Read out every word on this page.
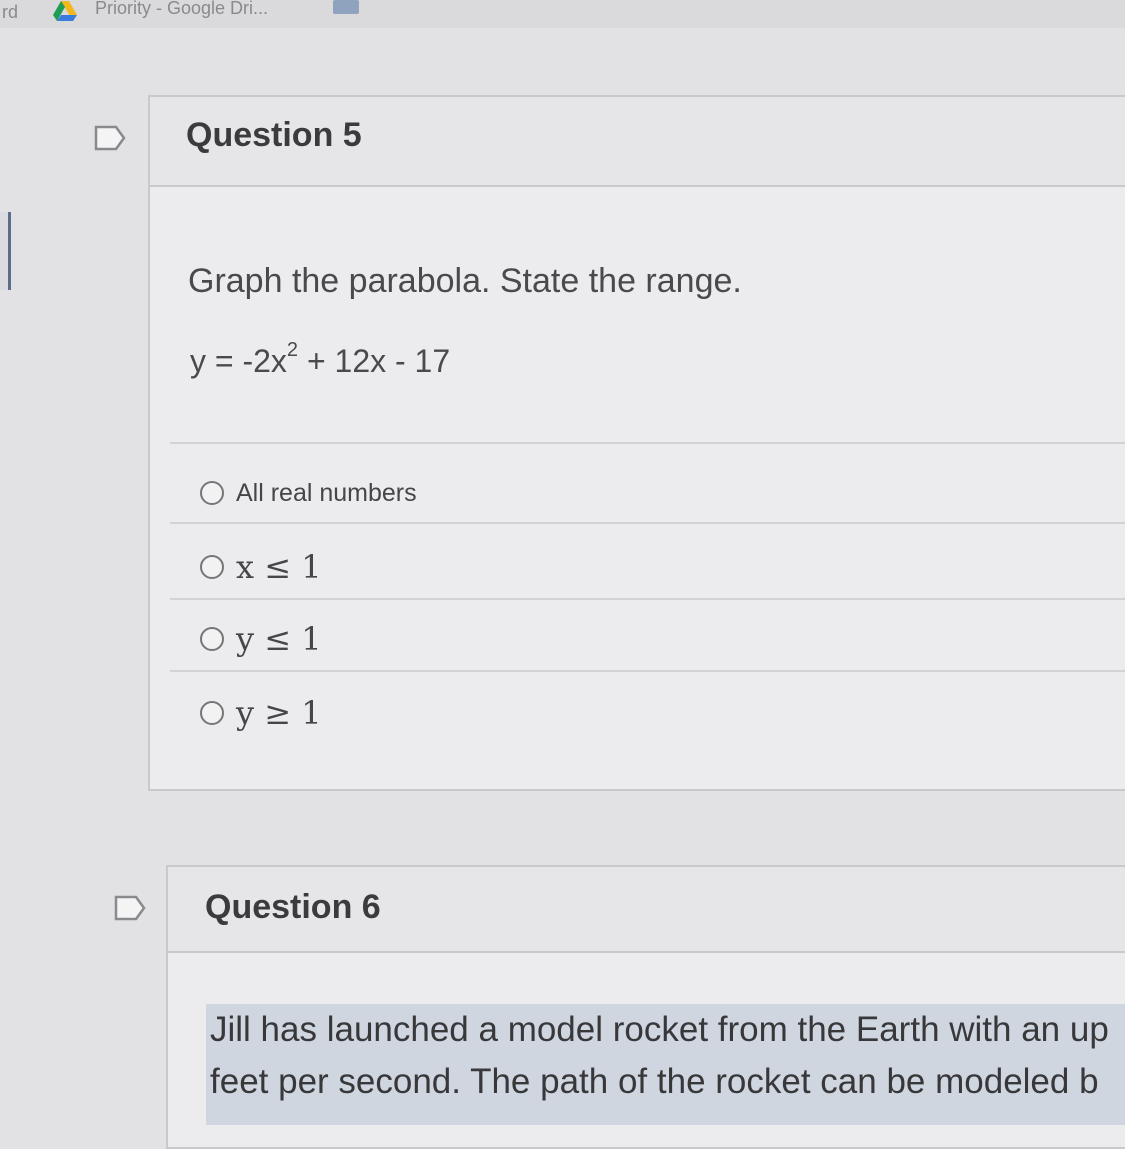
rd	Priority - Google Dri...
Question 5
Graph the parabola. State the range.
$y = -2x^2 + 12x - 17$
All real numbers
x ≤ 1
y ≤ 1
y ≥ 1
Question 6
Jill has launched a model rocket from the Earth with an up
feet per second. The path of the rocket can be modeled b
